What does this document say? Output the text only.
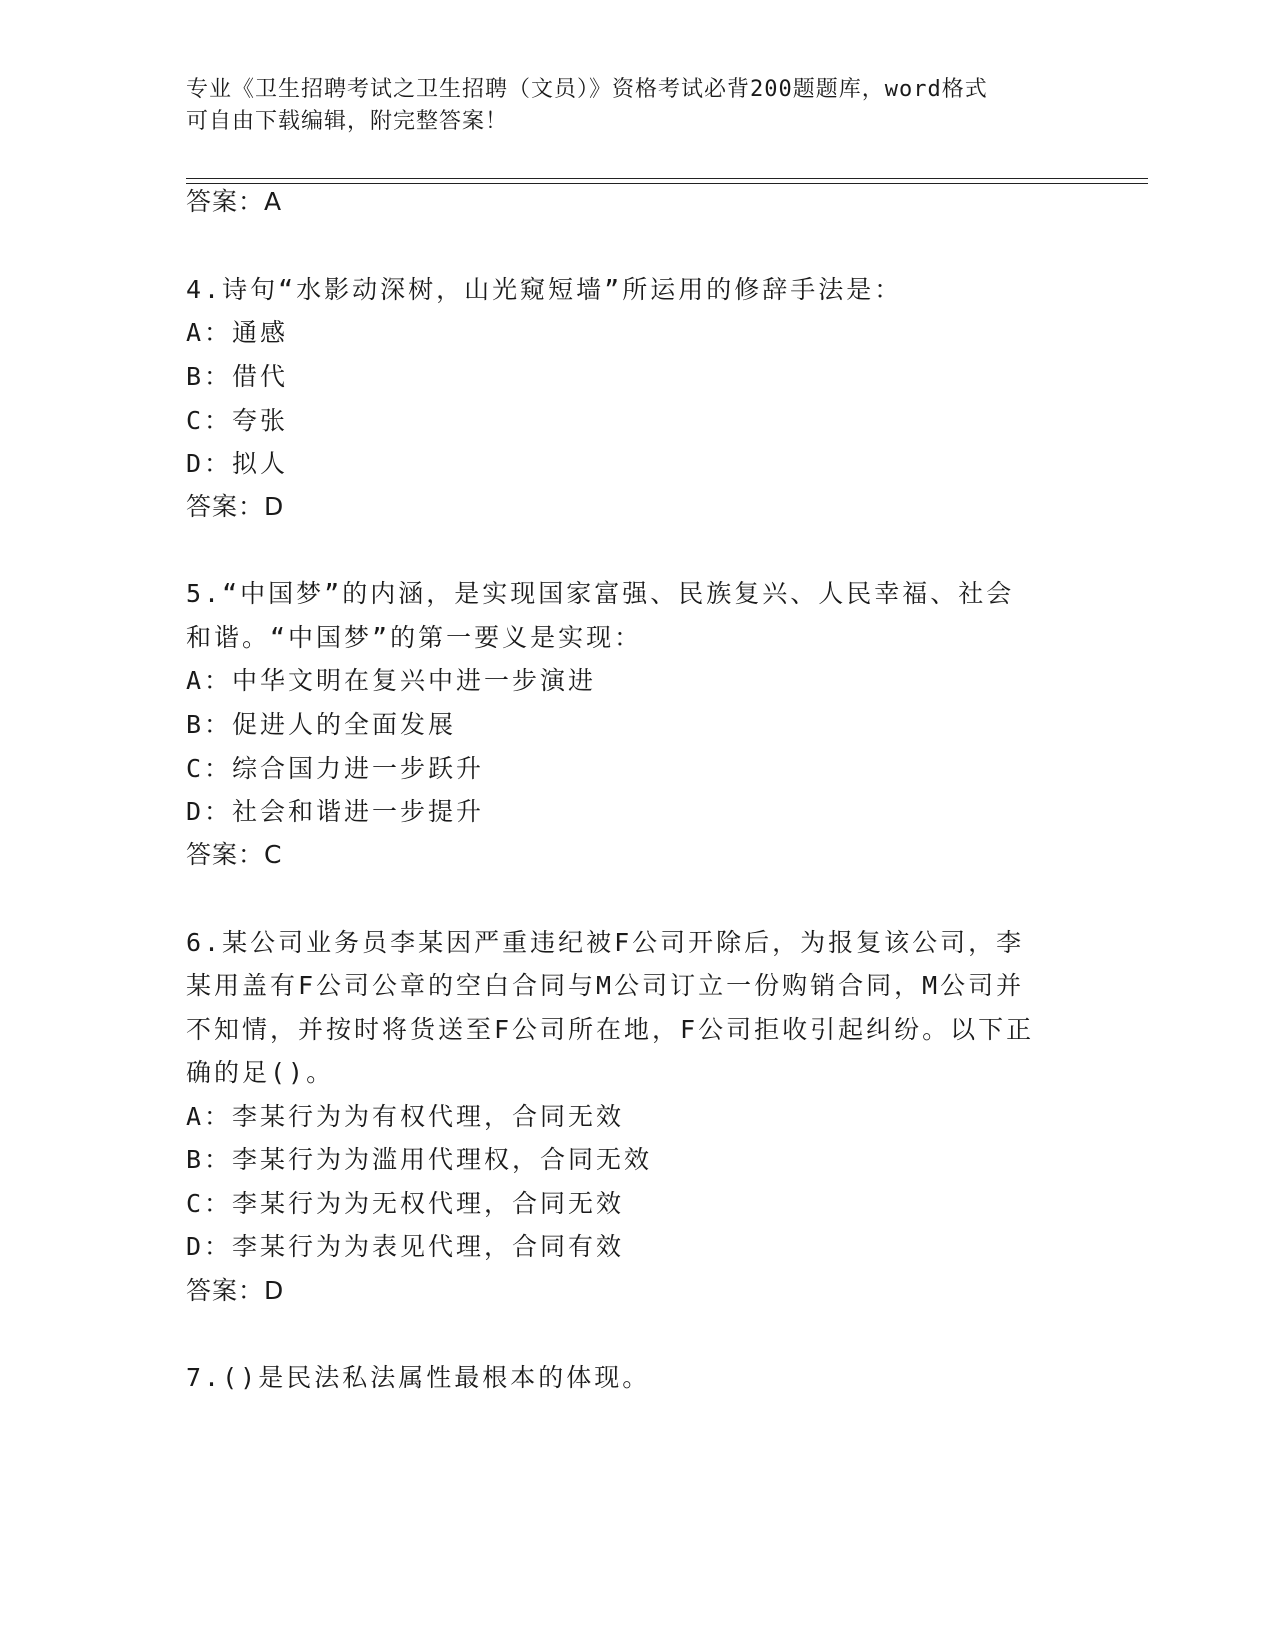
专业《卫生招聘考试之卫生招聘（文员）》资格考试必背200题题库，word格式
可自由下载编辑，附完整答案！
答案：A
4.诗句“水影动深树，山光窥短墙”所运用的修辞手法是：
A：通感
B：借代
C：夸张
D：拟人
答案：D
5.“中国梦”的内涵，是实现国家富强、民族复兴、人民幸福、社会
和谐。“中国梦”的第一要义是实现：
A：中华文明在复兴中进一步演进
B：促进人的全面发展
C：综合国力进一步跃升
D：社会和谐进一步提升
答案：C
6.某公司业务员李某因严重违纪被F公司开除后，为报复该公司，李
某用盖有F公司公章的空白合同与M公司订立一份购销合同，M公司并
不知情，并按时将货送至F公司所在地，F公司拒收引起纠纷。以下正
确的足()。
A：李某行为为有权代理，合同无效
B：李某行为为滥用代理权，合同无效
C：李某行为为无权代理，合同无效
D：李某行为为表见代理，合同有效
答案：D
7.()是民法私法属性最根本的体现。
